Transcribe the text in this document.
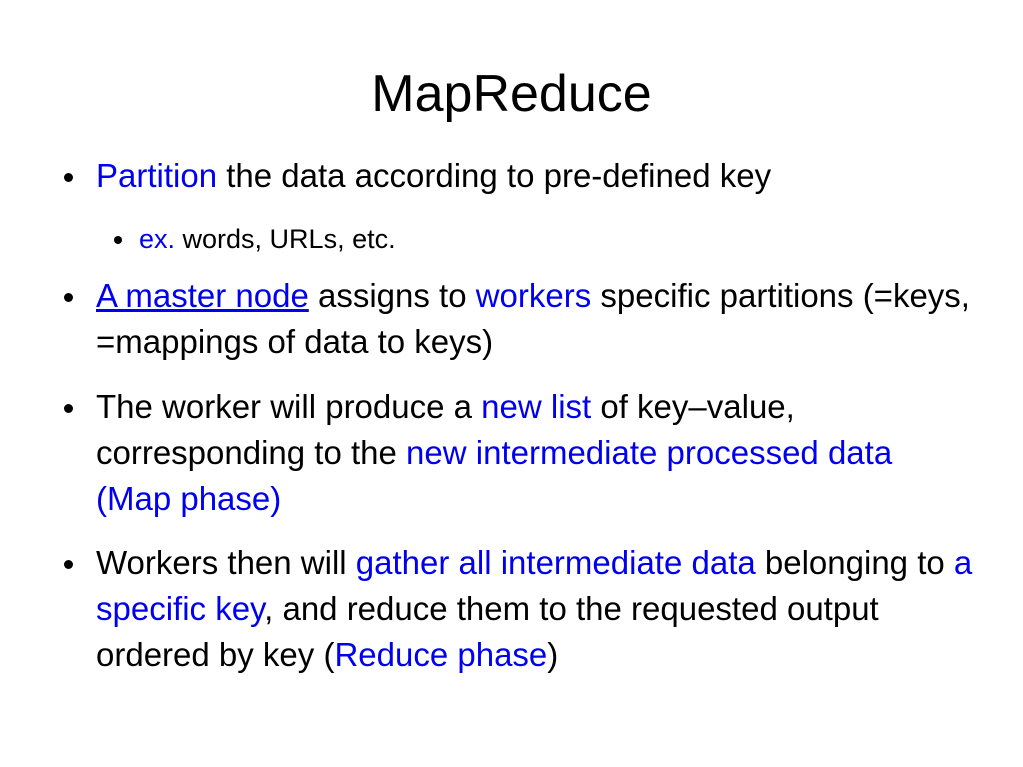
MapReduce
Partition the data according to pre-defined key
ex. words, URLs, etc.
A master node assigns to workers specific partitions (=keys, =mappings of data to keys)
The worker will produce a new list of key–value, corresponding to the new intermediate processed data (Map phase)
Workers then will gather all intermediate data belonging to a specific key, and reduce them to the requested output ordered by key (Reduce phase)
